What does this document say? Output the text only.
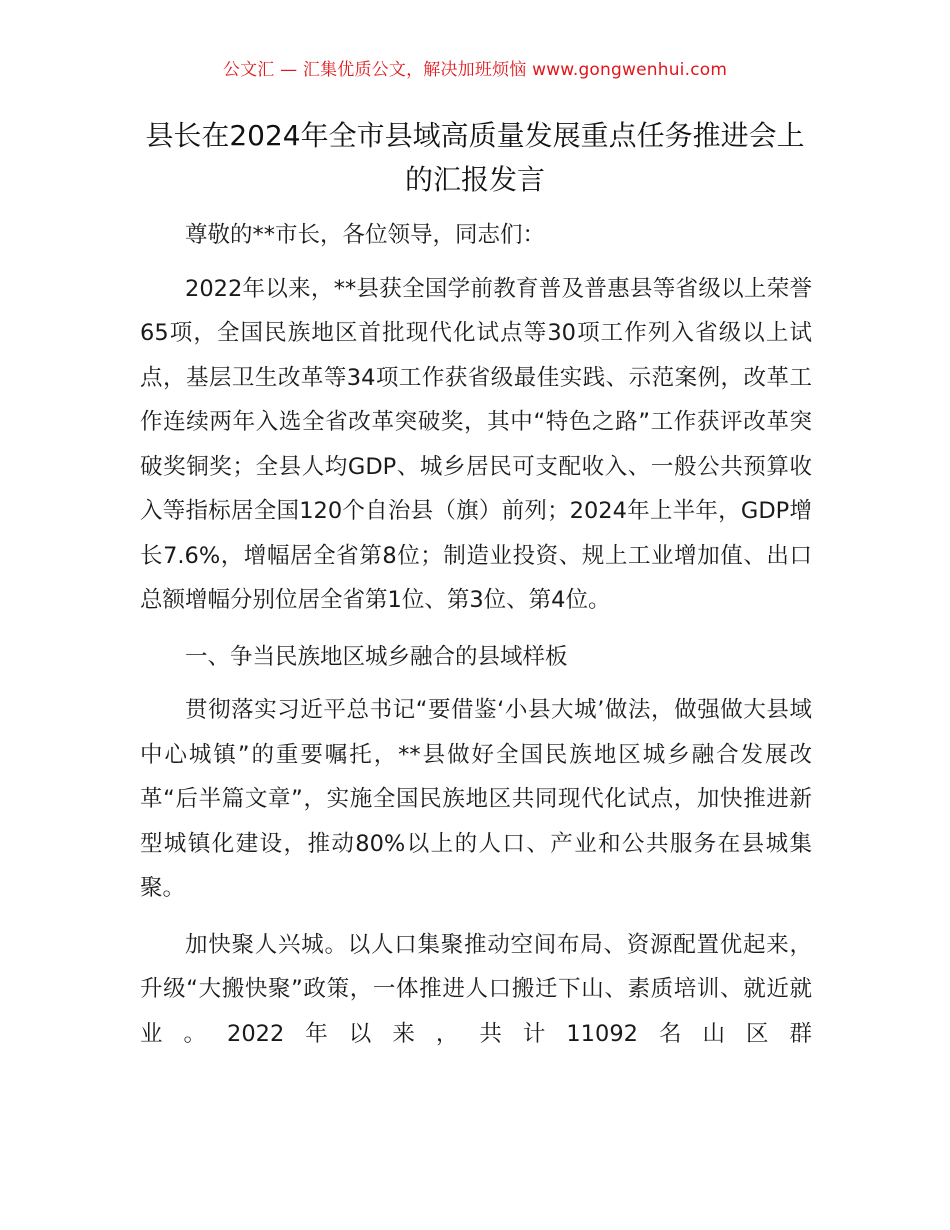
公文汇 — 汇集优质公文，解决加班烦恼 www.gongwenhui.com
县长在2024年全市县域高质量发展重点任务推进会上的汇报发言

尊敬的**市长，各位领导，同志们：

2022年以来，**县获全国学前教育普及普惠县等省级以上荣誉65项，全国民族地区首批现代化试点等30项工作列入省级以上试点，基层卫生改革等34项工作获省级最佳实践、示范案例，改革工作连续两年入选全省改革突破奖，其中“特色之路”工作获评改革突破奖铜奖；全县人均GDP、城乡居民可支配收入、一般公共预算收入等指标居全国120个自治县（旗）前列；2024年上半年，GDP增长7.6%，增幅居全省第8位；制造业投资、规上工业增加值、出口总额增幅分别位居全省第1位、第3位、第4位。

一、争当民族地区城乡融合的县域样板

贯彻落实习近平总书记“要借鉴‘小县大城’做法，做强做大县域中心城镇”的重要嘱托，**县做好全国民族地区城乡融合发展改革“后半篇文章”，实施全国民族地区共同现代化试点，加快推进新型城镇化建设，推动80%以上的人口、产业和公共服务在县城集聚。

加快聚人兴城。以人口集聚推动空间布局、资源配置优起来，升级“大搬快聚”政策，一体推进人口搬迁下山、素质培训、就近就业。2022年以来，共计11092名山区群
